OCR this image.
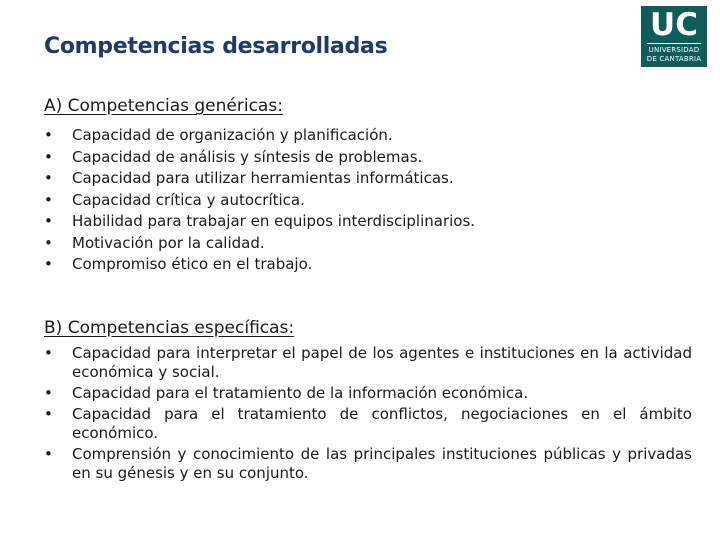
Competencias desarrolladas
UC
UNIVERSIDAD
DE CANTABRIA
A) Competencias genéricas:
• Capacidad de organización y planificación.
• Capacidad de análisis y síntesis de problemas.
• Capacidad para utilizar herramientas informáticas.
• Capacidad crítica y autocrítica.
• Habilidad para trabajar en equipos interdisciplinarios.
• Motivación por la calidad.
• Compromiso ético en el trabajo.
B) Competencias específicas:
• Capacidad para interpretar el papel de los agentes e instituciones en la actividad económica y social.
• Capacidad para el tratamiento de la información económica.
• Capacidad para el tratamiento de conflictos, negociaciones en el ámbito económico.
• Comprensión y conocimiento de las principales instituciones públicas y privadas en su génesis y en su conjunto.
